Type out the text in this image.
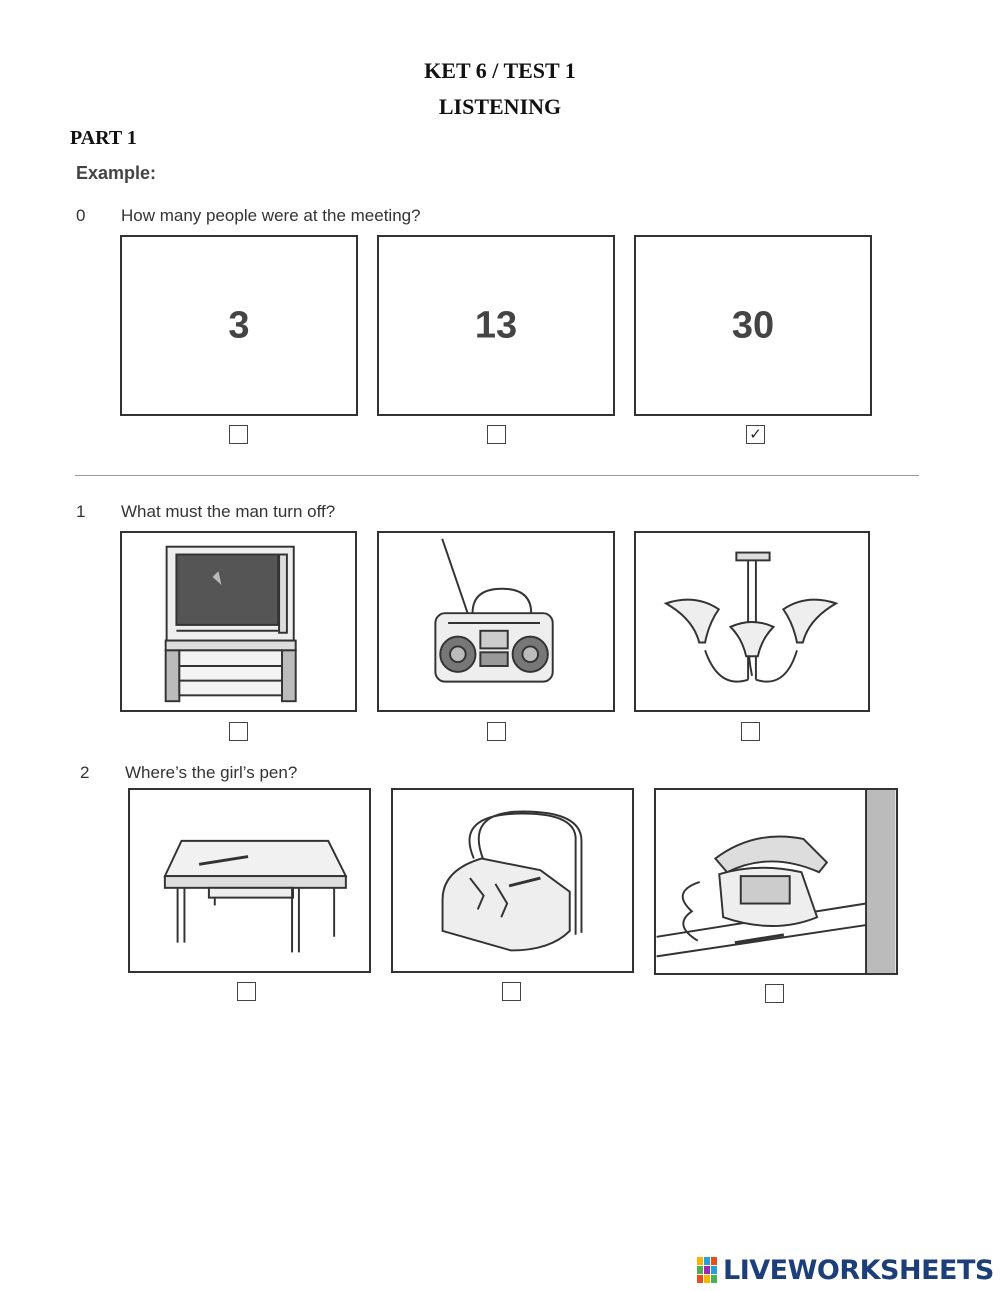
KET 6 / TEST 1
LISTENING
PART 1
Example:
0 How many people were at the meeting?
3	13	30
✓
1 What must the man turn off?
2 Where’s the girl’s pen?
LIVEWORKSHEETS
